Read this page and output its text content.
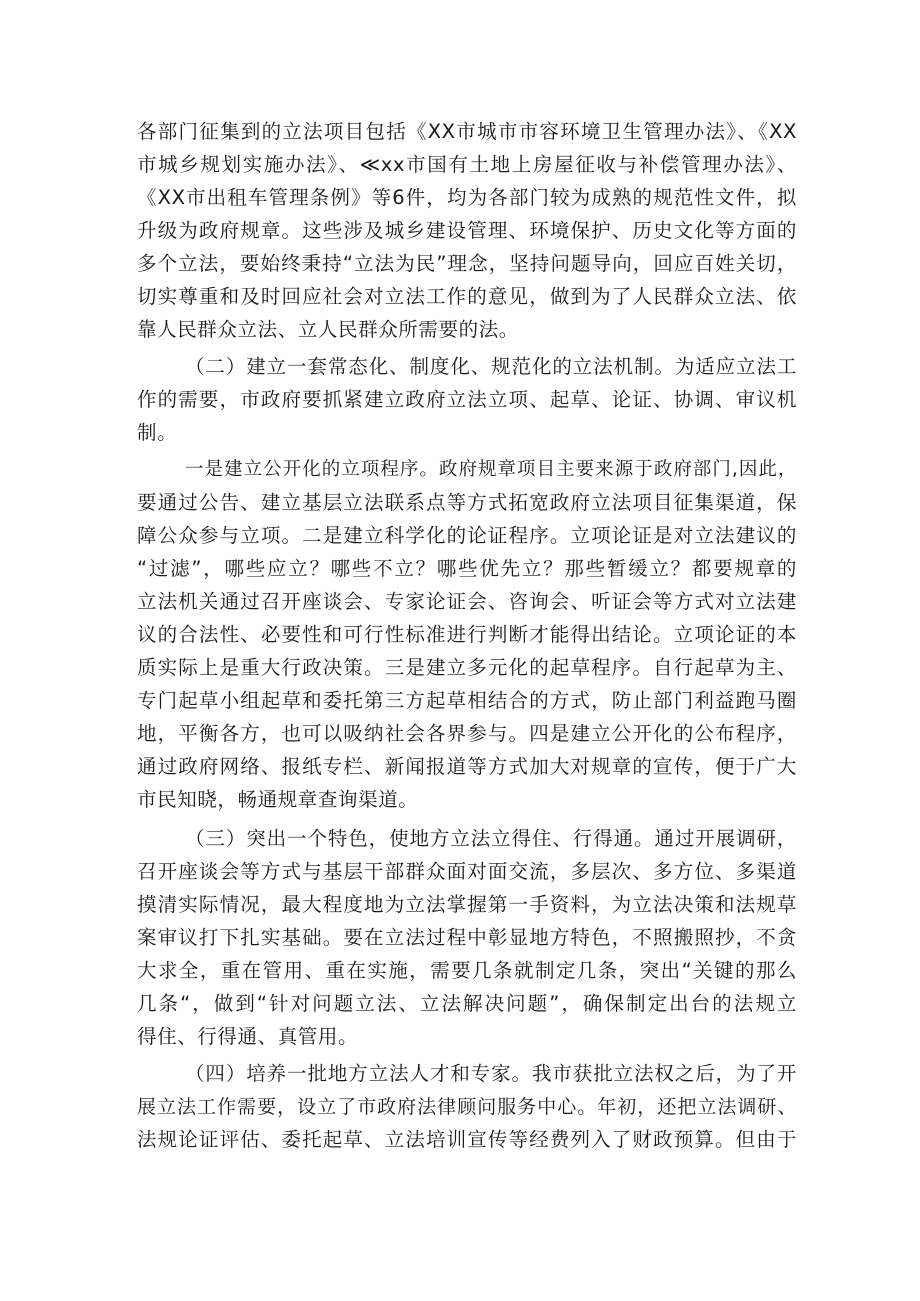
各部门征集到的立法项目包括《XX市城市市容环境卫生管理办法》、《XX
市城乡规划实施办法》、≪xx市国有土地上房屋征收与补偿管理办法》、
《XX市出租车管理条例》等6件，均为各部门较为成熟的规范性文件，拟
升级为政府规章。这些涉及城乡建设管理、环境保护、历史文化等方面的
多个立法，要始终秉持“立法为民”理念，坚持问题导向，回应百姓关切，
切实尊重和及时回应社会对立法工作的意见，做到为了人民群众立法、依
靠人民群众立法、立人民群众所需要的法。
（二）建立一套常态化、制度化、规范化的立法机制。为适应立法工
作的需要，市政府要抓紧建立政府立法立项、起草、论证、协调、审议机
制。
一是建立公开化的立项程序。政府规章项目主要来源于政府部门,因此，
要通过公告、建立基层立法联系点等方式拓宽政府立法项目征集渠道，保
障公众参与立项。二是建立科学化的论证程序。立项论证是对立法建议的
“过滤”，哪些应立？哪些不立？哪些优先立？那些暂缓立？都要规章的
立法机关通过召开座谈会、专家论证会、咨询会、听证会等方式对立法建
议的合法性、必要性和可行性标准进行判断才能得出结论。立项论证的本
质实际上是重大行政决策。三是建立多元化的起草程序。自行起草为主、
专门起草小组起草和委托第三方起草相结合的方式，防止部门利益跑马圈
地，平衡各方，也可以吸纳社会各界参与。四是建立公开化的公布程序，
通过政府网络、报纸专栏、新闻报道等方式加大对规章的宣传，便于广大
市民知晓，畅通规章查询渠道。
（三）突出一个特色，使地方立法立得住、行得通。通过开展调研，
召开座谈会等方式与基层干部群众面对面交流，多层次、多方位、多渠道
摸清实际情况，最大程度地为立法掌握第一手资料，为立法决策和法规草
案审议打下扎实基础。要在立法过程中彰显地方特色，不照搬照抄，不贪
大求全，重在管用、重在实施，需要几条就制定几条，突出“关键的那么
几条“，做到“针对问题立法、立法解决问题”，确保制定出台的法规立
得住、行得通、真管用。
（四）培养一批地方立法人才和专家。我市获批立法权之后，为了开
展立法工作需要，设立了市政府法律顾问服务中心。年初，还把立法调研、
法规论证评估、委托起草、立法培训宣传等经费列入了财政预算。但由于
